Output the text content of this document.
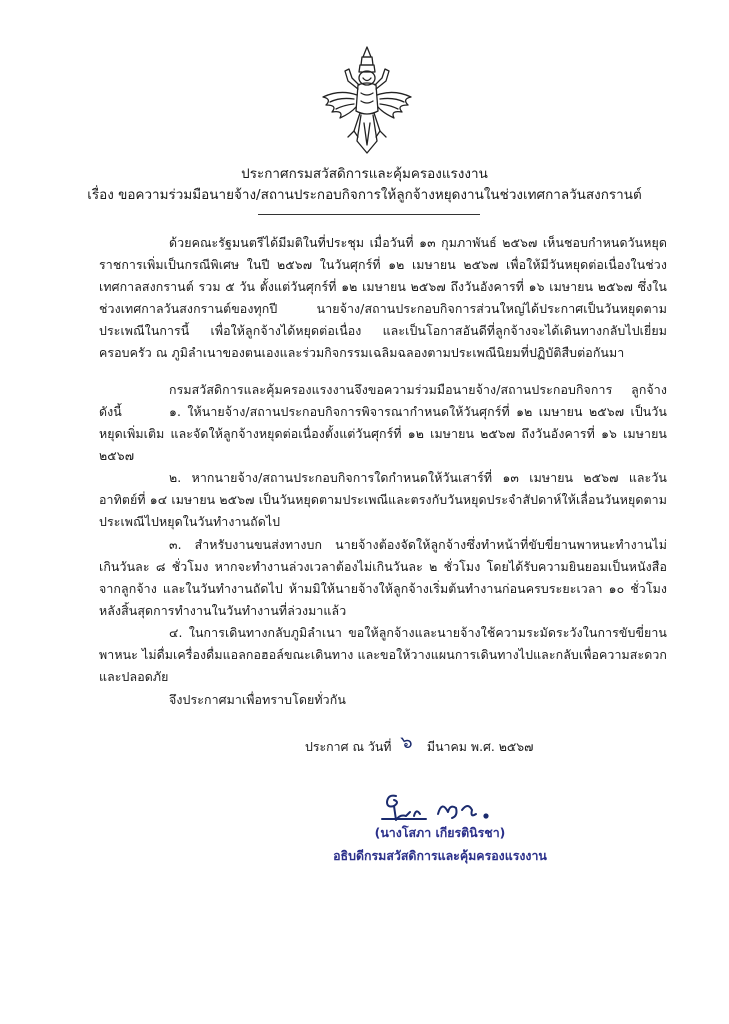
ประกาศกรมสวัสดิการและคุ้มครองแรงงาน
เรื่อง ขอความร่วมมือนายจ้าง/สถานประกอบกิจการให้ลูกจ้างหยุดงานในช่วงเทศกาลวันสงกรานต์
ด้วยคณะรัฐมนตรีได้มีมติในที่ประชุม เมื่อวันที่ ๑๓ กุมภาพันธ์ ๒๕๖๗ เห็นชอบกำหนดวันหยุดราชการเพิ่มเป็นกรณีพิเศษ ในปี ๒๕๖๗ ในวันศุกร์ที่ ๑๒ เมษายน ๒๕๖๗ เพื่อให้มีวันหยุดต่อเนื่องในช่วงเทศกาลสงกรานต์ รวม ๕ วัน ตั้งแต่วันศุกร์ที่ ๑๒ เมษายน ๒๕๖๗ ถึงวันอังคารที่ ๑๖ เมษายน ๒๕๖๗ ซึ่งในช่วงเทศกาลวันสงกรานต์ของทุกปี นายจ้าง/สถานประกอบกิจการส่วนใหญ่ได้ประกาศเป็นวันหยุดตามประเพณีในการนี้ เพื่อให้ลูกจ้างได้หยุดต่อเนื่อง และเป็นโอกาสอันดีที่ลูกจ้างจะได้เดินทางกลับไปเยี่ยมครอบครัว ณ ภูมิลำเนาของตนเองและร่วมกิจกรรมเฉลิมฉลองตามประเพณีนิยมที่ปฏิบัติสืบต่อกันมา
กรมสวัสดิการและคุ้มครองแรงงานจึงขอความร่วมมือนายจ้าง/สถานประกอบกิจการ ลูกจ้าง ดังนี้	๑. ให้นายจ้าง/สถานประกอบกิจการพิจารณากำหนดให้วันศุกร์ที่ ๑๒ เมษายน ๒๕๖๗ เป็นวันหยุดเพิ่มเติม และจัดให้ลูกจ้างหยุดต่อเนื่องตั้งแต่วันศุกร์ที่ ๑๒ เมษายน ๒๕๖๗ ถึงวันอังคารที่ ๑๖ เมษายน ๒๕๖๗
๒. หากนายจ้าง/สถานประกอบกิจการใดกำหนดให้วันเสาร์ที่ ๑๓ เมษายน ๒๕๖๗ และวันอาทิตย์ที่ ๑๔ เมษายน ๒๕๖๗ เป็นวันหยุดตามประเพณีและตรงกับวันหยุดประจำสัปดาห์ให้เลื่อนวันหยุดตามประเพณีไปหยุดในวันทำงานถัดไป
๓. สำหรับงานขนส่งทางบก นายจ้างต้องจัดให้ลูกจ้างซึ่งทำหน้าที่ขับขี่ยานพาหนะทำงานไม่เกินวันละ ๘ ชั่วโมง หากจะทำงานล่วงเวลาต้องไม่เกินวันละ ๒ ชั่วโมง โดยได้รับความยินยอมเป็นหนังสือจากลูกจ้าง และในวันทำงานถัดไป ห้ามมิให้นายจ้างให้ลูกจ้างเริ่มต้นทำงานก่อนครบระยะเวลา ๑๐ ชั่วโมง หลังสิ้นสุดการทำงานในวันทำงานที่ล่วงมาแล้ว
๔. ในการเดินทางกลับภูมิลำเนา ขอให้ลูกจ้างและนายจ้างใช้ความระมัดระวังในการขับขี่ยานพาหนะ ไม่ดื่มเครื่องดื่มแอลกอฮอล์ขณะเดินทาง และขอให้วางแผนการเดินทางไปและกลับเพื่อความสะดวกและปลอดภัย
จึงประกาศมาเพื่อทราบโดยทั่วกัน
ประกาศ ณ วันที่ ๖ มีนาคม พ.ศ. ๒๕๖๗
(นางโสภา เกียรตินิรชา)
อธิบดีกรมสวัสดิการและคุ้มครองแรงงาน
